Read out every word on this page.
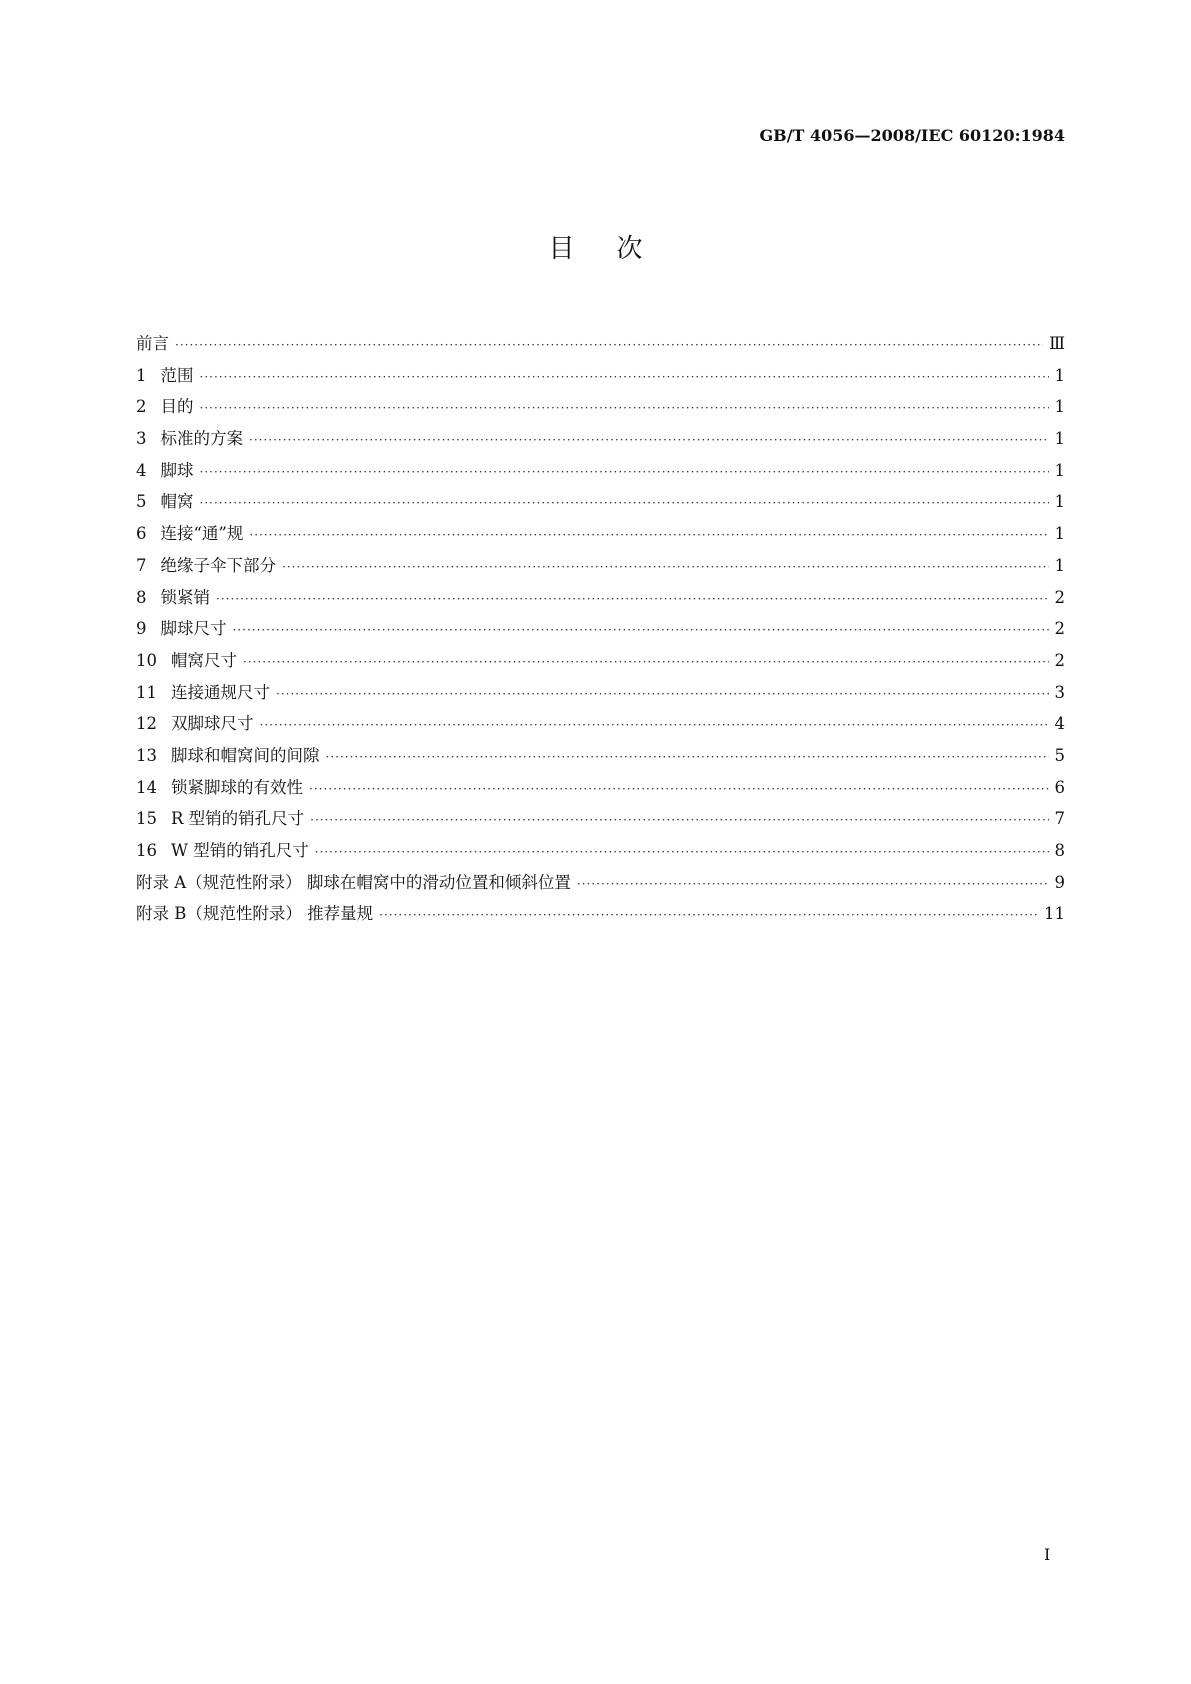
GB/T 4056—2008/IEC 60120:1984
目 次
前言 ·····	Ⅲ
1 范围 ·····	1
2 目的 ·····	1
3 标准的方案 ·····	1
4 脚球 ·····	1
5 帽窝 ·····	1
6 连接“通”规 ·····	1
7 绝缘子伞下部分 ·····	1
8 锁紧销 ·····	2
9 脚球尺寸 ·····	2
10 帽窝尺寸 ·····	2
11 连接通规尺寸 ·····	3
12 双脚球尺寸 ·····	4
13 脚球和帽窝间的间隙 ·····	5
14 锁紧脚球的有效性 ·····	6
15 R 型销的销孔尺寸 ·····	7
16 W 型销的销孔尺寸 ·····	8
附录 A（规范性附录） 脚球在帽窝中的滑动位置和倾斜位置 ·····	9
附录 B（规范性附录） 推荐量规 ·····	11
I
